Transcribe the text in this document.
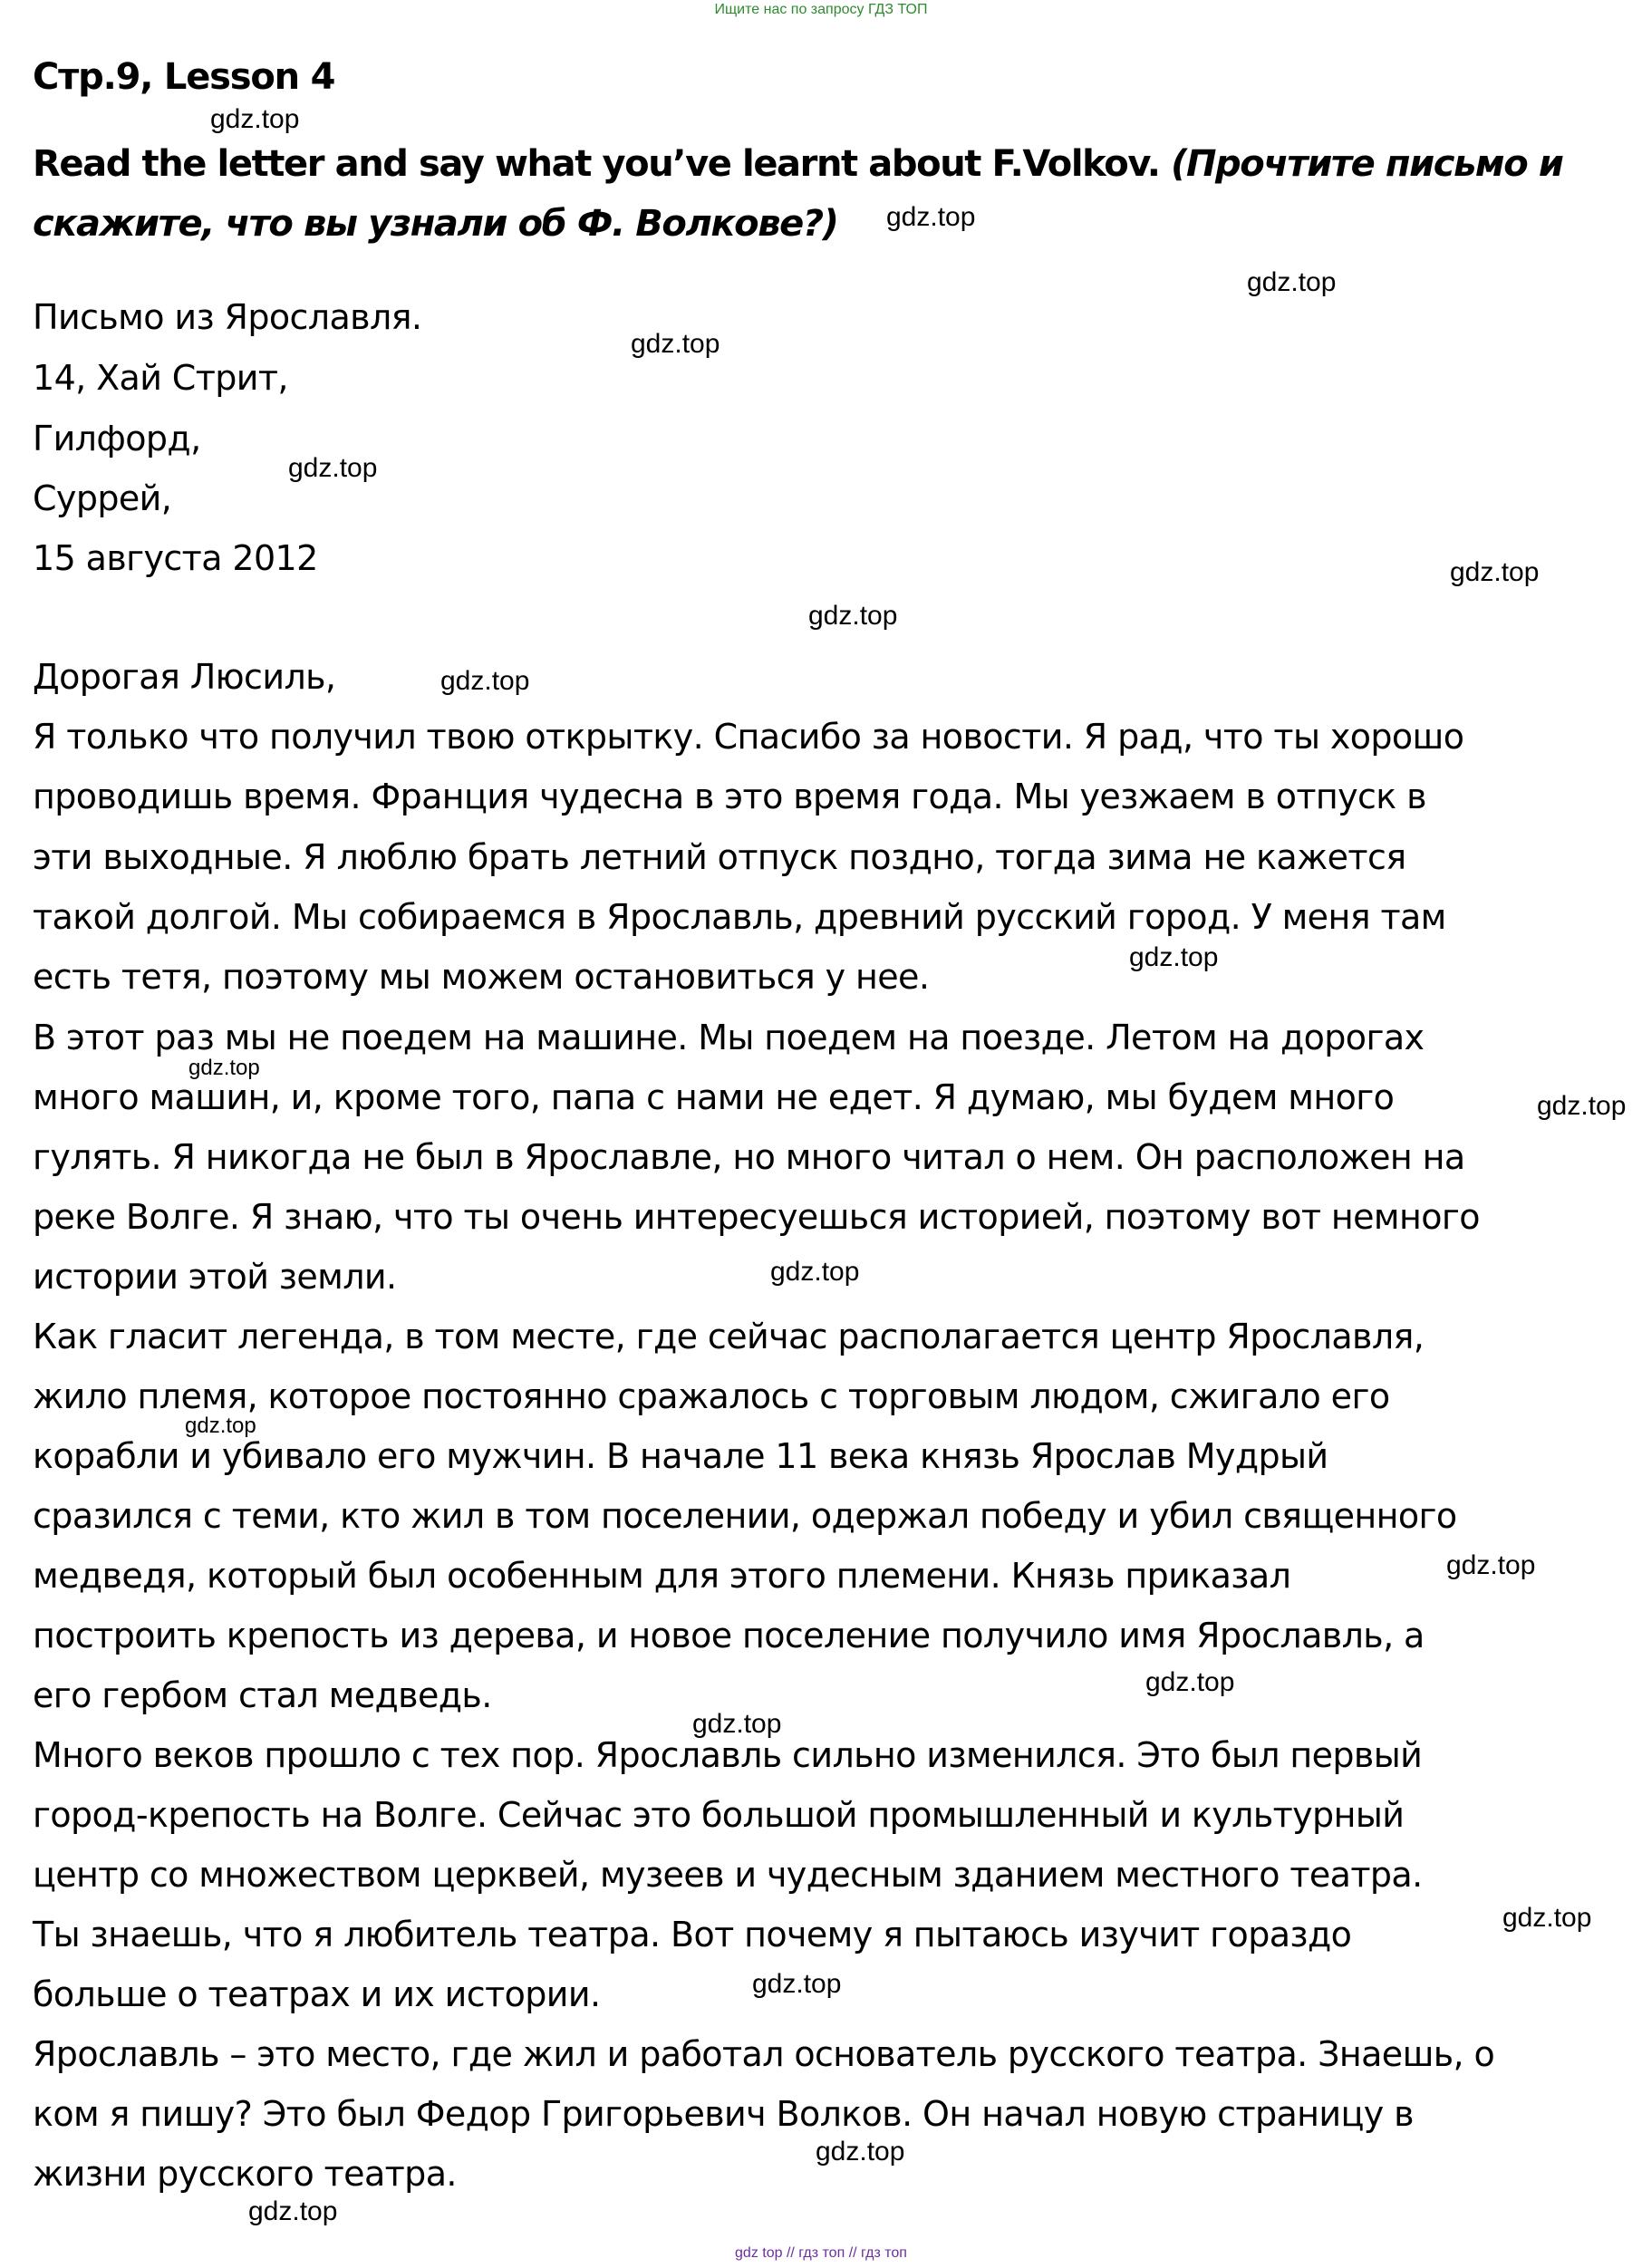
Ищите нас по запросу ГДЗ ТОП
Стр.9, Lesson 4
Read the letter and say what you’ve learnt about F.Volkov. (Прочтите письмо и
скажите, что вы узнали об Ф. Волкове?)
Письмо из Ярославля.
14, Хай Стрит,
Гилфорд,
Суррей,
15 августа 2012
Дорогая Люсиль,
Я только что получил твою открытку. Спасибо за новости. Я рад, что ты хорошо
проводишь время. Франция чудесна в это время года. Мы уезжаем в отпуск в
эти выходные. Я люблю брать летний отпуск поздно, тогда зима не кажется
такой долгой. Мы собираемся в Ярославль, древний русский город. У меня там
есть тетя, поэтому мы можем остановиться у нее.
В этот раз мы не поедем на машине. Мы поедем на поезде. Летом на дорогах
много машин, и, кроме того, папа с нами не едет. Я думаю, мы будем много
гулять. Я никогда не был в Ярославле, но много читал о нем. Он расположен на
реке Волге. Я знаю, что ты очень интересуешься историей, поэтому вот немного
истории этой земли.
Как гласит легенда, в том месте, где сейчас располагается центр Ярославля,
жило племя, которое постоянно сражалось с торговым людом, сжигало его
корабли и убивало его мужчин. В начале 11 века князь Ярослав Мудрый
сразился с теми, кто жил в том поселении, одержал победу и убил священного
медведя, который был особенным для этого племени. Князь приказал
построить крепость из дерева, и новое поселение получило имя Ярославль, а
его гербом стал медведь.
Много веков прошло с тех пор. Ярославль сильно изменился. Это был первый
город-крепость на Волге. Сейчас это большой промышленный и культурный
центр со множеством церквей, музеев и чудесным зданием местного театра.
Ты знаешь, что я любитель театра. Вот почему я пытаюсь изучит гораздо
больше о театрах и их истории.
Ярославль – это место, где жил и работал основатель русского театра. Знаешь, о
ком я пишу? Это был Федор Григорьевич Волков. Он начал новую страницу в
жизни русского театра.
gdz.top
gdz.top
gdz.top
gdz.top
gdz.top
gdz.top
gdz.top
gdz.top
gdz.top
gdz.top
gdz.top
gdz.top
gdz.top
gdz.top
gdz.top
gdz.top
gdz.top
gdz.top
gdz.top
gdz.top
gdz top // гдз топ // гдз топ
